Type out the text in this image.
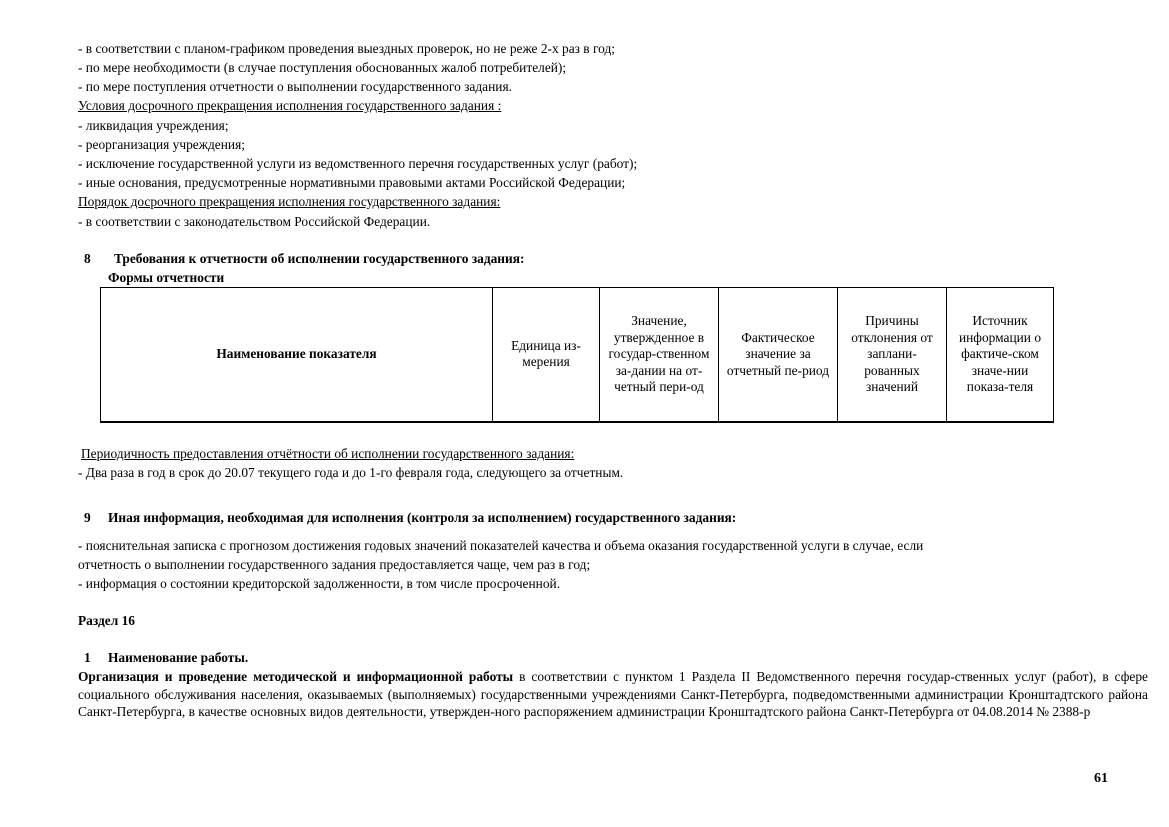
- в соответствии с планом-графиком проведения выездных проверок, но не реже 2-х раз в год;
- по мере необходимости (в случае поступления обоснованных жалоб потребителей);
- по мере поступления отчетности о выполнении государственного задания.
Условия досрочного прекращения исполнения государственного задания :
- ликвидация учреждения;
- реорганизация учреждения;
- исключение государственной услуги из ведомственного перечня государственных услуг (работ);
- иные основания, предусмотренные нормативными правовыми актами Российской Федерации;
Порядок досрочного прекращения исполнения государственного задания:
- в соответствии с законодательством Российской Федерации.
8 Требования к отчетности об исполнении государственного задания:
Формы отчетности
Наименование показателя	Единица из-мерения	Значение, утвержденное в государ-ственном за-дании на от-четный пери-од	Фактическое значение за отчетный пе-риод	Причины отклонения от заплани-рованных значений	Источник информации о фактиче-ском значе-нии показа-теля
Периодичность предоставления отчётности об исполнении государственного задания:
- Два раза в год в срок до 20.07 текущего года и до 1-го февраля года, следующего за отчетным.
9 Иная информация, необходимая для исполнения (контроля за исполнением) государственного задания:
- пояснительная записка с прогнозом достижения годовых значений показателей качества и объема оказания государственной услуги в случае, если
отчетность о выполнении государственного задания предоставляется чаще, чем раз в год;
- информация о состоянии кредиторской задолженности, в том числе просроченной.
Раздел 16
1 Наименование работы.
Организация и проведение методической и информационной работы в соответствии с пунктом 1 Раздела II Ведомственного перечня государ-ственных услуг (работ), в сфере социального обслуживания населения, оказываемых (выполняемых) государственными учреждениями Санкт-Петербурга, подведомственными администрации Кронштадтского района Санкт-Петербурга, в качестве основных видов деятельности, утвержден-ного распоряжением администрации Кронштадтского района Санкт-Петербурга от 04.08.2014 № 2388-р
61
